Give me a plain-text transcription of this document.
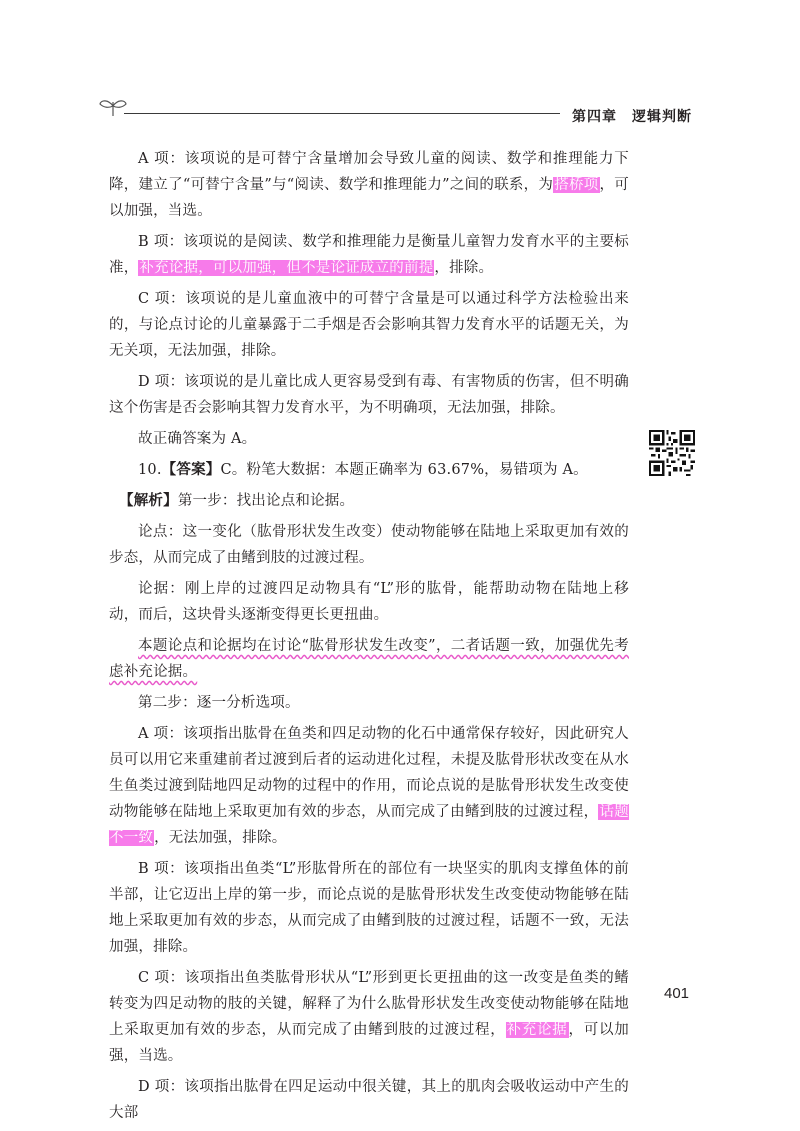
第四章　逻辑判断

A 项：该项说的是可替宁含量增加会导致儿童的阅读、数学和推理能力下降，建立了“可替宁含量”与“阅读、数学和推理能力”之间的联系，为搭桥项，可以加强，当选。

B 项：该项说的是阅读、数学和推理能力是衡量儿童智力发育水平的主要标准，补充论据，可以加强，但不是论证成立的前提，排除。

C 项：该项说的是儿童血液中的可替宁含量是可以通过科学方法检验出来的，与论点讨论的儿童暴露于二手烟是否会影响其智力发育水平的话题无关，为无关项，无法加强，排除。

D 项：该项说的是儿童比成人更容易受到有毒、有害物质的伤害，但不明确这个伤害是否会影响其智力发育水平，为不明确项，无法加强，排除。

故正确答案为 A。

10.【答案】C。粉笔大数据：本题正确率为 63.67%，易错项为 A。

【解析】第一步：找出论点和论据。

论点：这一变化（肱骨形状发生改变）使动物能够在陆地上采取更加有效的步态，从而完成了由鳍到肢的过渡过程。

论据：刚上岸的过渡四足动物具有“L”形的肱骨，能帮助动物在陆地上移动，而后，这块骨头逐渐变得更长更扭曲。

本题论点和论据均在讨论“肱骨形状发生改变”，二者话题一致，加强优先考虑补充论据。

第二步：逐一分析选项。

A 项：该项指出肱骨在鱼类和四足动物的化石中通常保存较好，因此研究人员可以用它来重建前者过渡到后者的运动进化过程，未提及肱骨形状改变在从水生鱼类过渡到陆地四足动物的过程中的作用，而论点说的是肱骨形状发生改变使动物能够在陆地上采取更加有效的步态，从而完成了由鳍到肢的过渡过程，话题不一致，无法加强，排除。

B 项：该项指出鱼类“L”形肱骨所在的部位有一块坚实的肌肉支撑鱼体的前半部，让它迈出上岸的第一步，而论点说的是肱骨形状发生改变使动物能够在陆地上采取更加有效的步态，从而完成了由鳍到肢的过渡过程，话题不一致，无法加强，排除。

C 项：该项指出鱼类肱骨形状从“L”形到更长更扭曲的这一改变是鱼类的鳍转变为四足动物的肢的关键，解释了为什么肱骨形状发生改变使动物能够在陆地上采取更加有效的步态，从而完成了由鳍到肢的过渡过程，补充论据，可以加强，当选。

D 项：该项指出肱骨在四足运动中很关键，其上的肌肉会吸收运动中产生的大部

401
